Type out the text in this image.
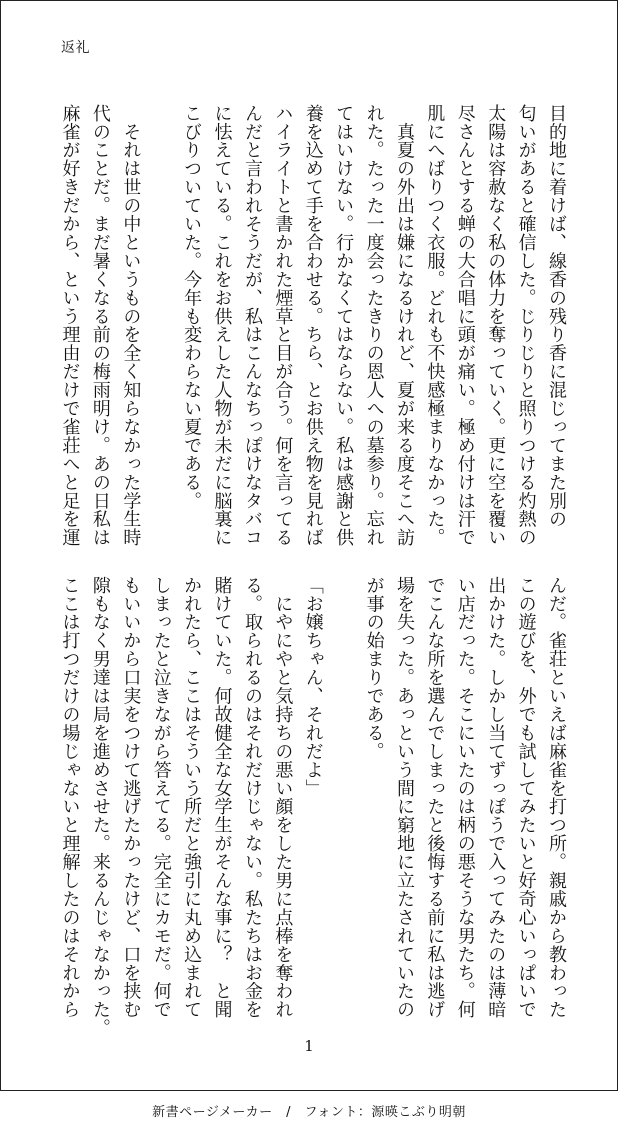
返礼
目的地に着けば、線香の残り香に混じってまた別の
匂いがあると確信した。じりじりと照りつける灼熱の
太陽は容赦なく私の体力を奪っていく。更に空を覆い
尽さんとする蝉の大合唱に頭が痛い。極め付けは汗で
肌にへばりつく衣服。どれも不快感極まりなかった。
　真夏の外出は嫌になるけれど、夏が来る度そこへ訪
れた。たった一度会ったきりの恩人への墓参り。忘れ
てはいけない。行かなくてはならない。私は感謝と供
養を込めて手を合わせる。ちら、とお供え物を見れば
ハイライトと書かれた煙草と目が合う。何を言ってる
んだと言われそうだが、私はこんなちっぽけなタバコ
に怯えている。これをお供えした人物が未だに脳裏に
こびりついていた。今年も変わらない夏である。
　それは世の中というものを全く知らなかった学生時
代のことだ。まだ暑くなる前の梅雨明け。あの日私は
麻雀が好きだから、という理由だけで雀荘へと足を運
んだ。雀荘といえば麻雀を打つ所。親戚から教わった
この遊びを、外でも試してみたいと好奇心いっぱいで
出かけた。しかし当てずっぽうで入ってみたのは薄暗
い店だった。そこにいたのは柄の悪そうな男たち。何
でこんな所を選んでしまったと後悔する前に私は逃げ
場を失った。あっという間に窮地に立たされていたの
が事の始まりである。
「お嬢ちゃん、それだよ」
　にやにやと気持ちの悪い顔をした男に点棒を奪われ
る。取られるのはそれだけじゃない。私たちはお金を
賭けていた。何故健全な女学生がそんな事に？　と聞
かれたら、ここはそういう所だと強引に丸め込まれて
しまったと泣きながら答えてる。完全にカモだ。何で
もいいから口実をつけて逃げたかったけど、口を挟む
隙もなく男達は局を進めさせた。来るんじゃなかった。
ここは打つだけの場じゃないと理解したのはそれから
1
新書ページメーカー　/　フォント：源暎こぶり明朝
